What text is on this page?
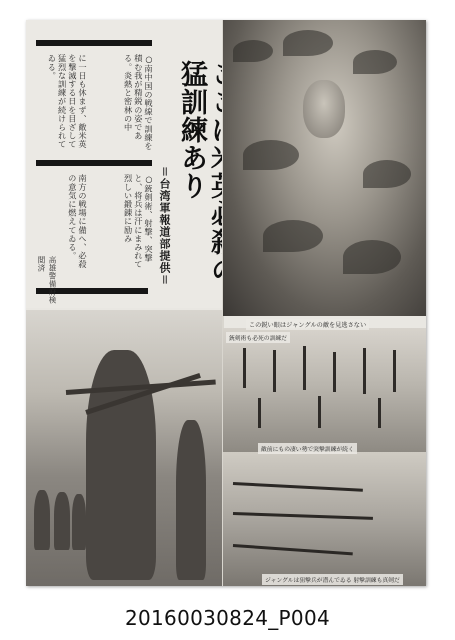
○南中国の戦線で訓練を積む我が精鋭の姿である。炎熱と密林の中
に一日も休まず、敵米英を撃滅する日を目ざして猛烈な訓練が続けられてゐる。
○銃剣術、射撃、突撃と、将兵は汗にまみれて烈しい鍛錬に励み
南方の戦場に備へ、必殺の意気に燃えてゐる。
高雄警備府検閲済
猛訓練あり
＝台湾軍報道部提供＝
この鋭い眼はジャングルの敵を見逃さない
銃剣術も必死の訓練だ
敵前にもの凄い勢で突撃訓練が続く
ジャングルは狙撃兵が潜んでゐる 射撃訓練も真剣だ
20160030824_P004
